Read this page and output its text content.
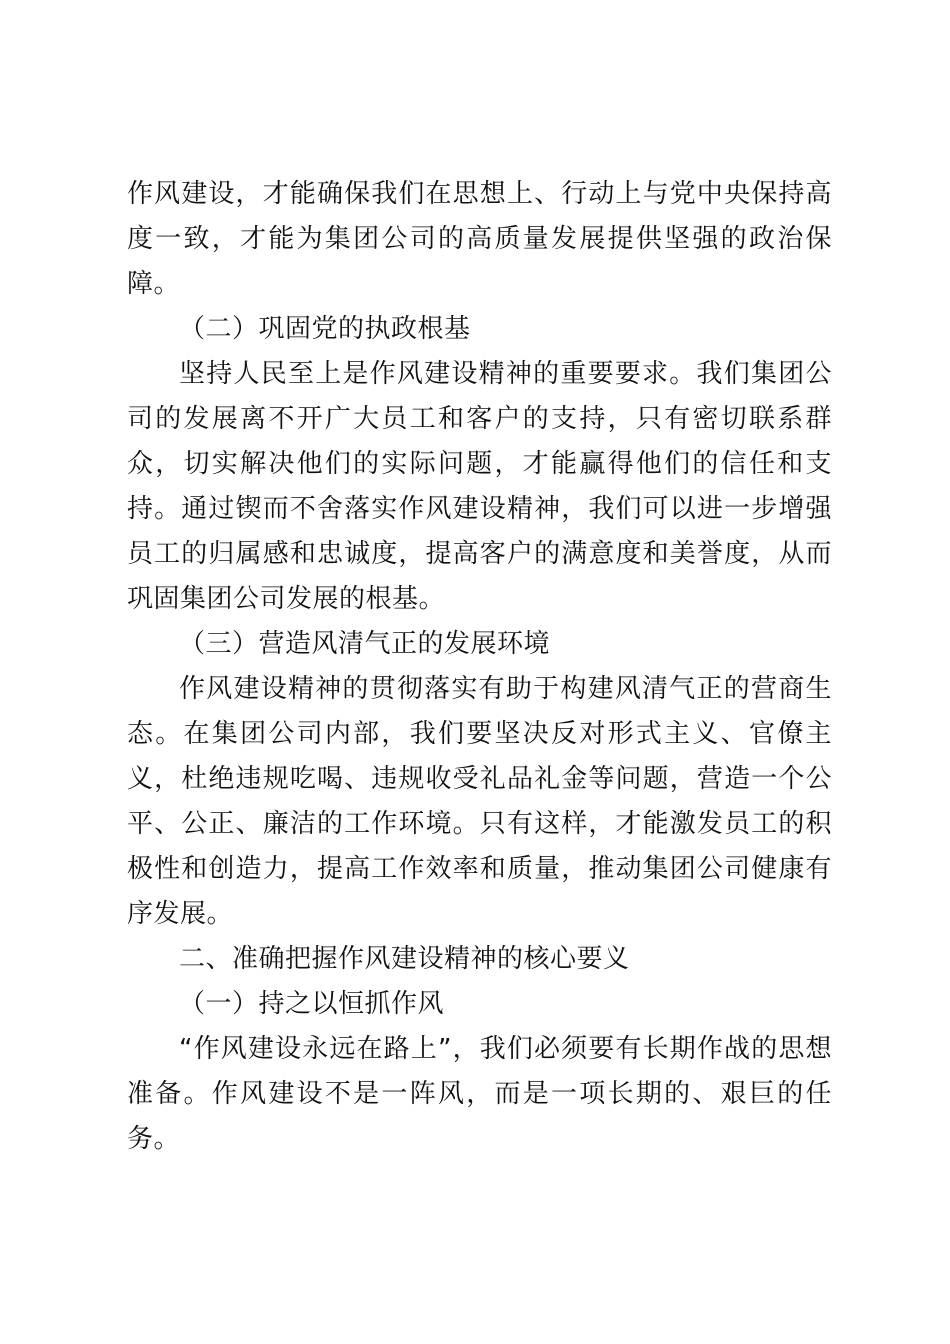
作风建设，才能确保我们在思想上、行动上与党中央保持高度一致，才能为集团公司的高质量发展提供坚强的政治保障。

（二）巩固党的执政根基

坚持人民至上是作风建设精神的重要要求。我们集团公司的发展离不开广大员工和客户的支持，只有密切联系群众，切实解决他们的实际问题，才能赢得他们的信任和支持。通过锲而不舍落实作风建设精神，我们可以进一步增强员工的归属感和忠诚度，提高客户的满意度和美誉度，从而巩固集团公司发展的根基。

（三）营造风清气正的发展环境

作风建设精神的贯彻落实有助于构建风清气正的营商生态。在集团公司内部，我们要坚决反对形式主义、官僚主义，杜绝违规吃喝、违规收受礼品礼金等问题，营造一个公平、公正、廉洁的工作环境。只有这样，才能激发员工的积极性和创造力，提高工作效率和质量，推动集团公司健康有序发展。

二、准确把握作风建设精神的核心要义

（一）持之以恒抓作风

“作风建设永远在路上”，我们必须要有长期作战的思想准备。作风建设不是一阵风，而是一项长期的、艰巨的任务。
